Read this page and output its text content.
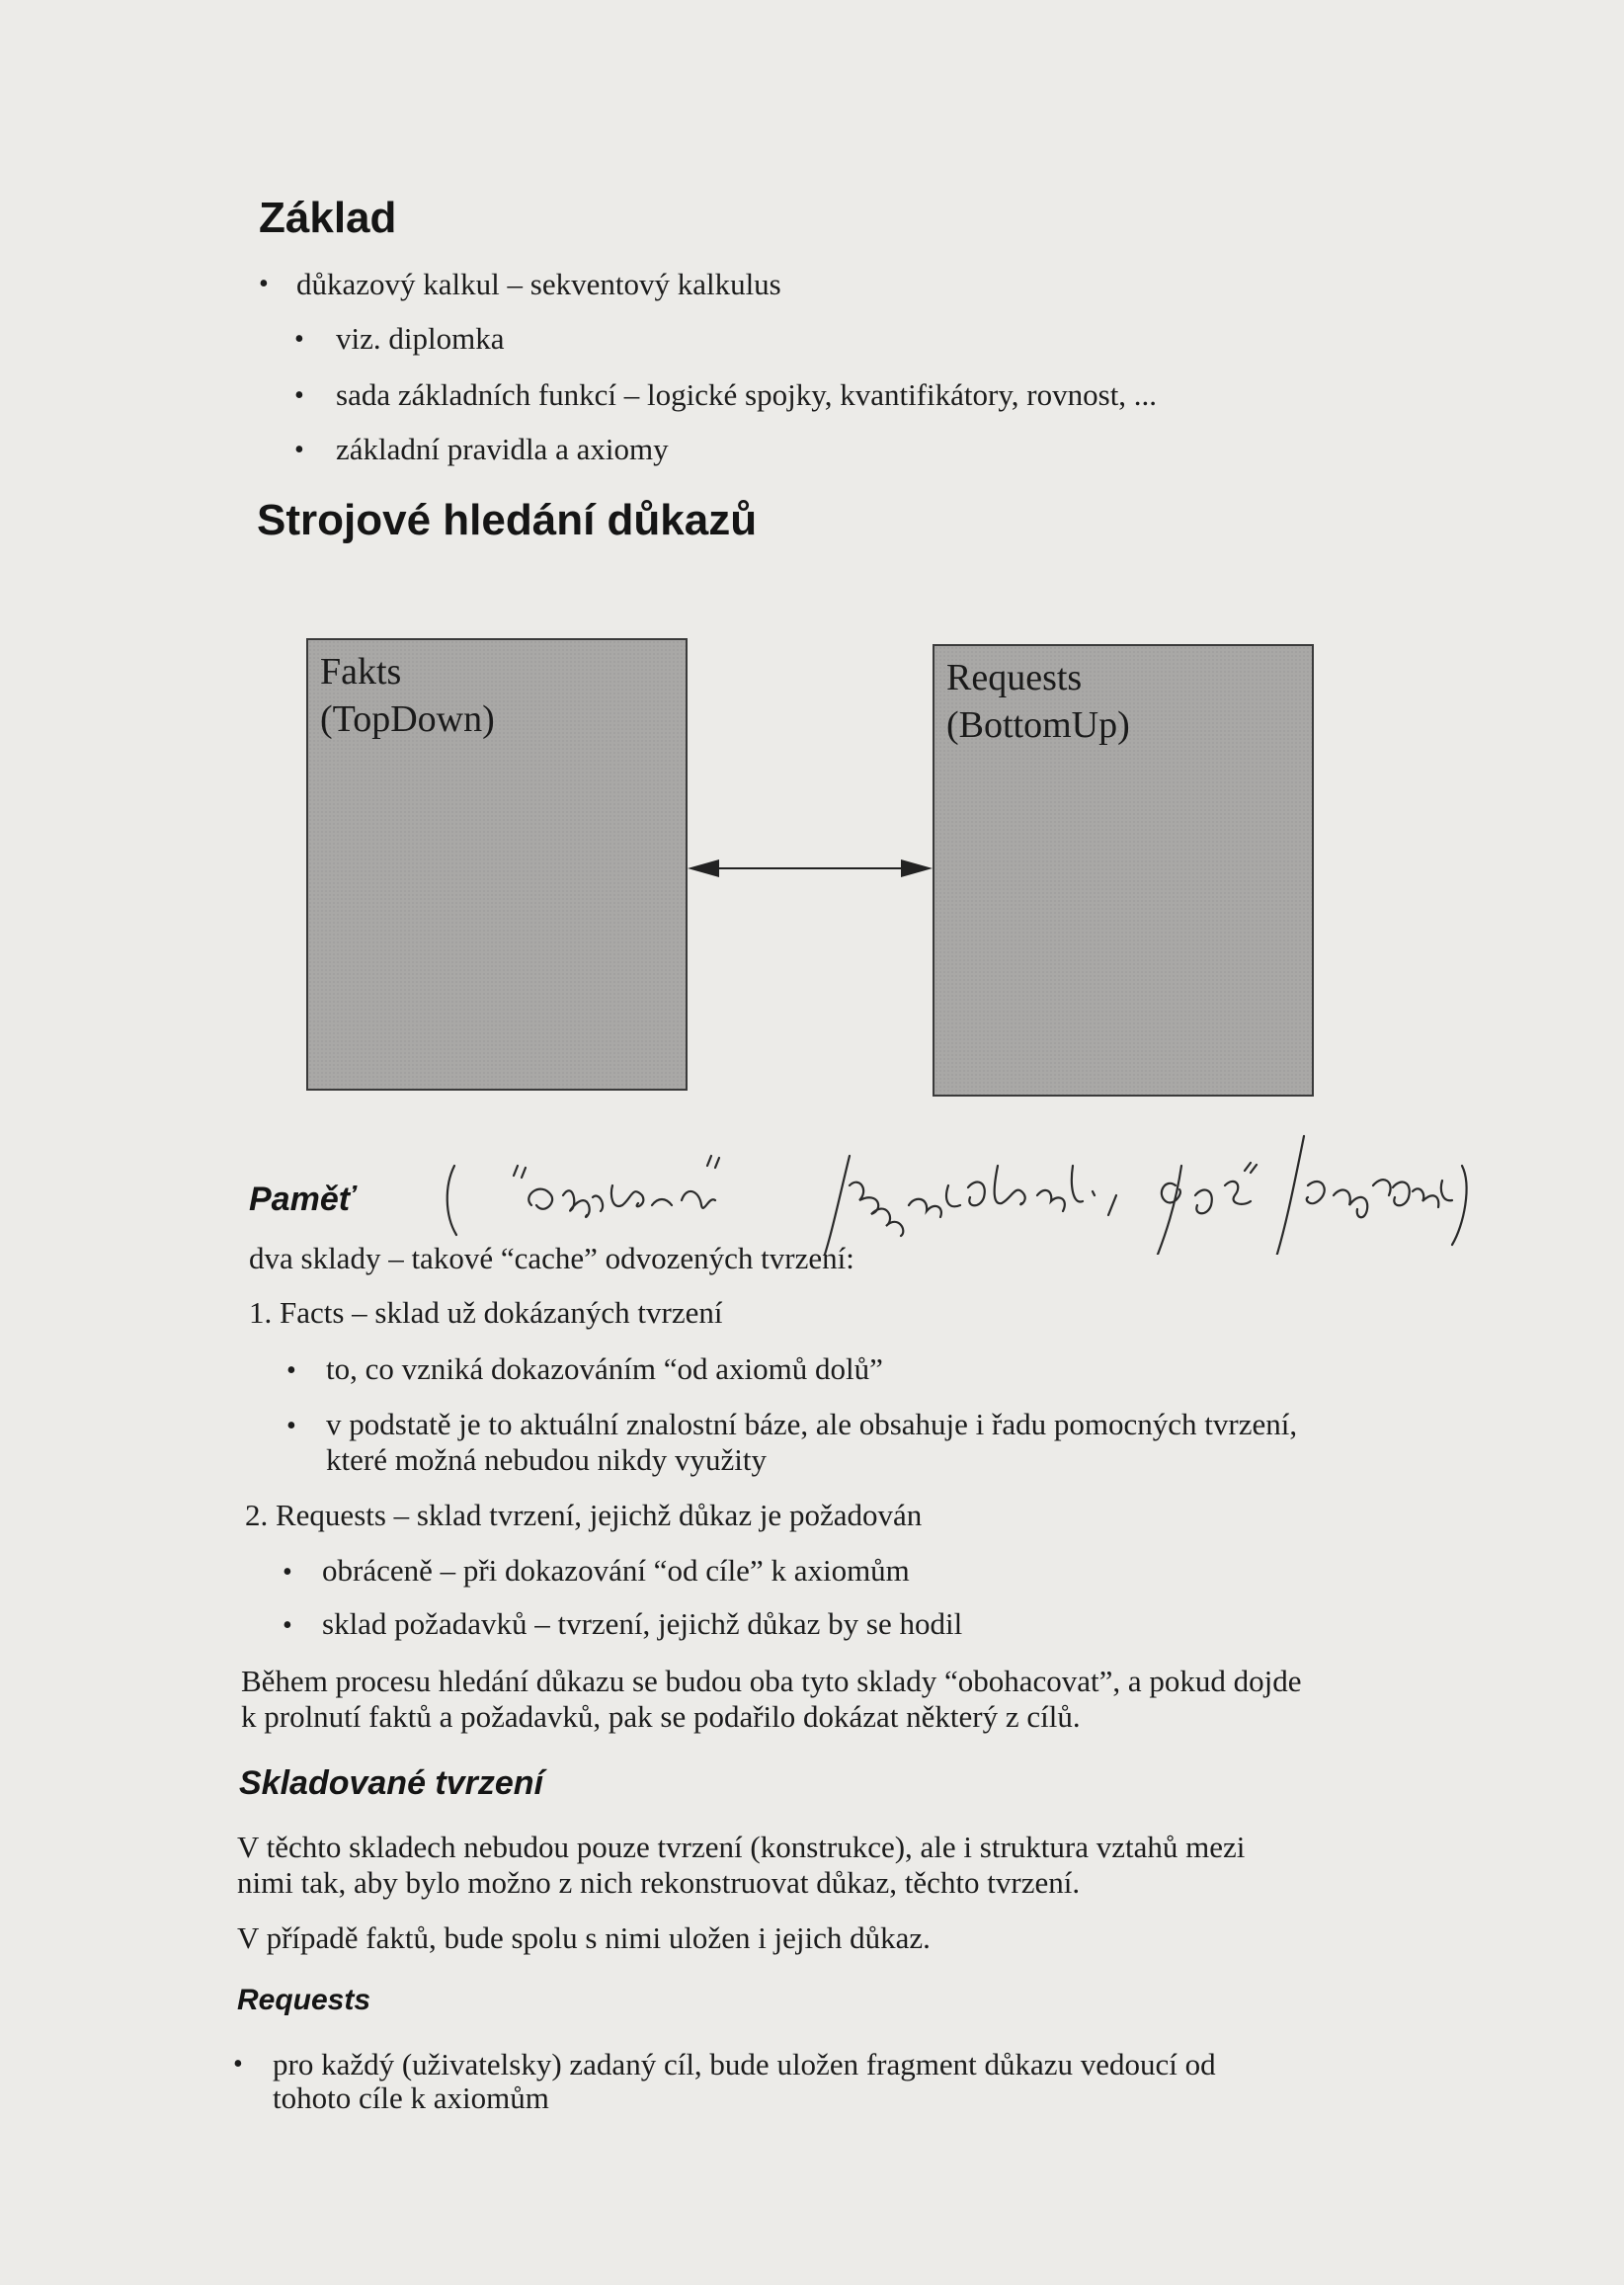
Základ
• důkazový kalkul – sekventový kalkulus
• viz. diplomka
• sada základních funkcí – logické spojky, kvantifikátory, rovnost, ...
• základní pravidla a axiomy
Strojové hledání důkazů
Fakts
(TopDown)
Requests
(BottomUp)
Paměť
( "částečné" předpokládaní, spíš pracovní
dva sklady – takové “cache” odvozených tvrzení:
1. Facts – sklad už dokázaných tvrzení
• to, co vzniká dokazováním “od axiomů dolů”
• v podstatě je to aktuální znalostní báze, ale obsahuje i řadu pomocných tvrzení,
které možná nebudou nikdy využity
2. Requests – sklad tvrzení, jejichž důkaz je požadován
• obráceně – při dokazování “od cíle” k axiomům
• sklad požadavků – tvrzení, jejichž důkaz by se hodil
Během procesu hledání důkazu se budou oba tyto sklady “obohacovat”, a pokud dojde
k prolnutí faktů a požadavků, pak se podařilo dokázat některý z cílů.
Skladované tvrzení
V těchto skladech nebudou pouze tvrzení (konstrukce), ale i struktura vztahů mezi
nimi tak, aby bylo možno z nich rekonstruovat důkaz, těchto tvrzení.
V případě faktů, bude spolu s nimi uložen i jejich důkaz.
Requests
• pro každý (uživatelsky) zadaný cíl, bude uložen fragment důkazu vedoucí od
tohoto cíle k axiomům
